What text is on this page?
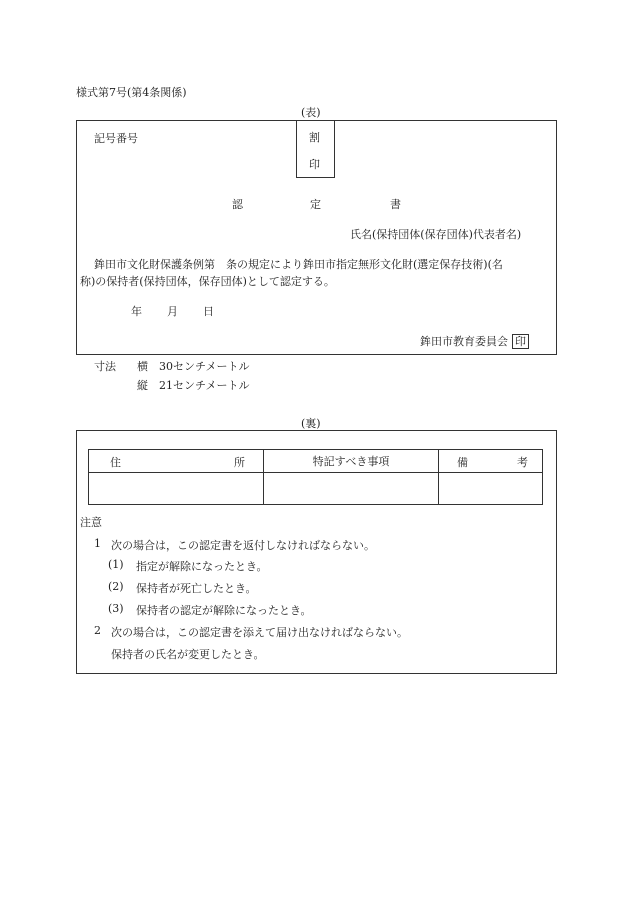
様式第7号(第4条関係)
(表)
記号番号	割
印
認	定	書
氏名(保持団体(保存団体)代表者名)
鉾田市文化財保護条例第　条の規定により鉾田市指定無形文化財(選定保存技術)(名
称)の保持者(保持団体，保存団体)として認定する。
年 月 日
鉾田市教育委員会 印
寸法 横 30センチメートル
縦 21センチメートル
(裏)
住 所	特記すべき事項	備 考

注意
1 次の場合は，この認定書を返付しなければならない。
(1) 指定が解除になったとき。
(2) 保持者が死亡したとき。
(3) 保持者の認定が解除になったとき。
2 次の場合は，この認定書を添えて届け出なければならない。
保持者の氏名が変更したとき。
